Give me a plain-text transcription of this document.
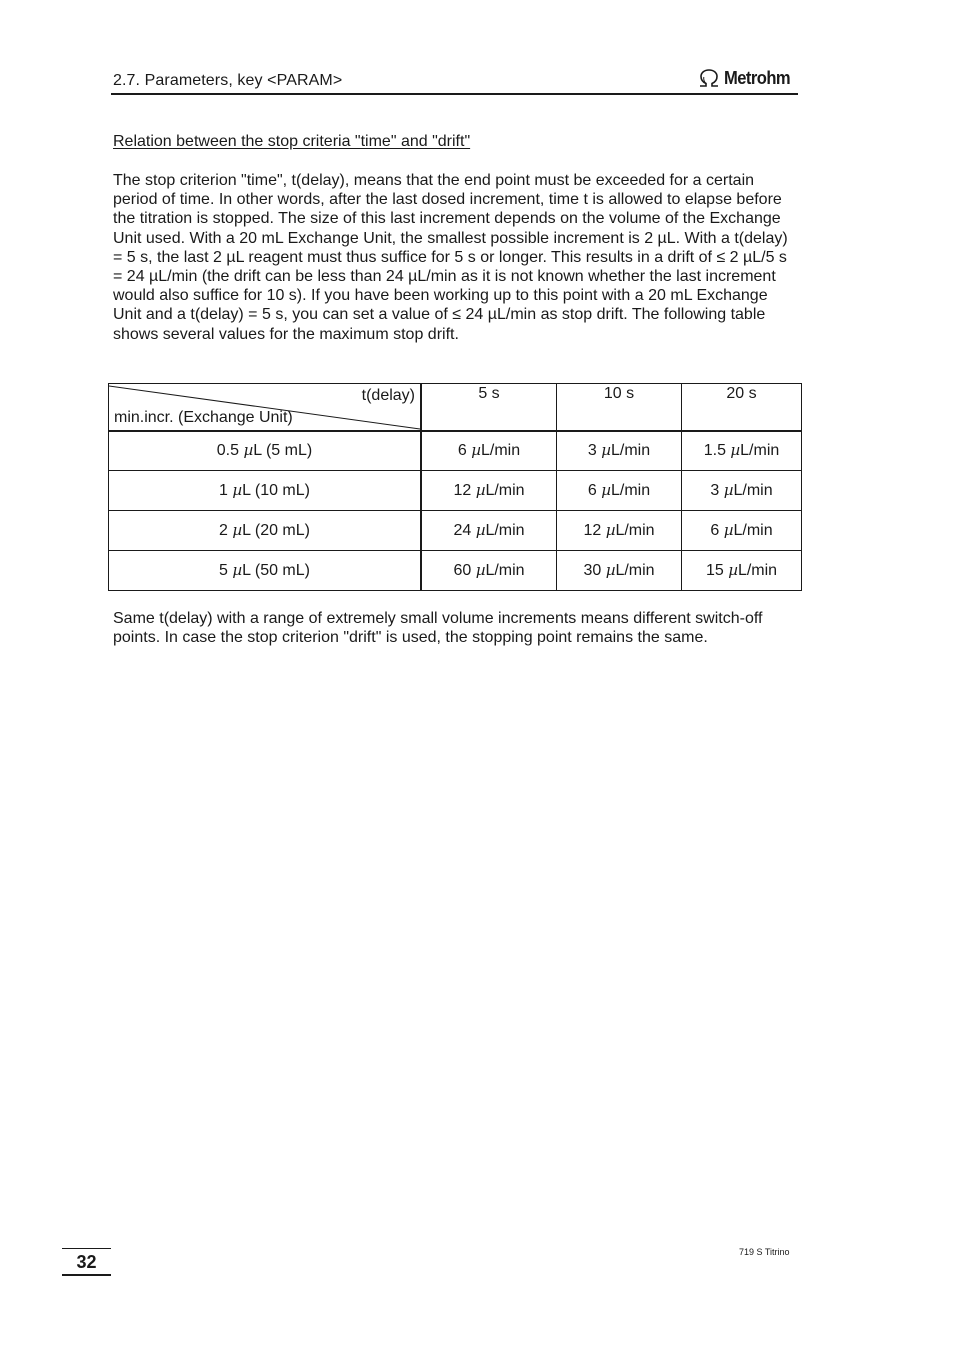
2.7. Parameters, key <PARAM>	Metrohm
Relation between the stop criteria "time" and "drift"

The stop criterion "time", t(delay), means that the end point must be exceeded for a certain period of time. In other words, after the last dosed increment, time t is allowed to elapse before the titration is stopped. The size of this last increment depends on the volume of the Exchange Unit used. With a 20 mL Exchange Unit, the smallest possible increment is 2 µL. With a t(delay) = 5 s, the last 2 µL reagent must thus suffice for 5 s or longer. This results in a drift of ≤ 2 µL/5 s = 24 µL/min (the drift can be less than 24 µL/min as it is not known whether the last increment would also suffice for 10 s). If you have been working up to this point with a 20 mL Exchange Unit and a t(delay) = 5 s, you can set a value of ≤ 24 µL/min as stop drift. The following table shows several values for the maximum stop drift.

t(delay)
min.incr. (Exchange Unit)
5 s	10 s	20 s
0.5 µL (5 mL)	6 µL/min	3 µL/min	1.5 µL/min
1 µL (10 mL)	12 µL/min	6 µL/min	3 µL/min
2 µL (20 mL)	24 µL/min	12 µL/min	6 µL/min
5 µL (50 mL)	60 µL/min	30 µL/min	15 µL/min

Same t(delay) with a range of extremely small volume increments means different switch-off points. In case the stop criterion "drift" is used, the stopping point remains the same.

32	719 S Titrino
